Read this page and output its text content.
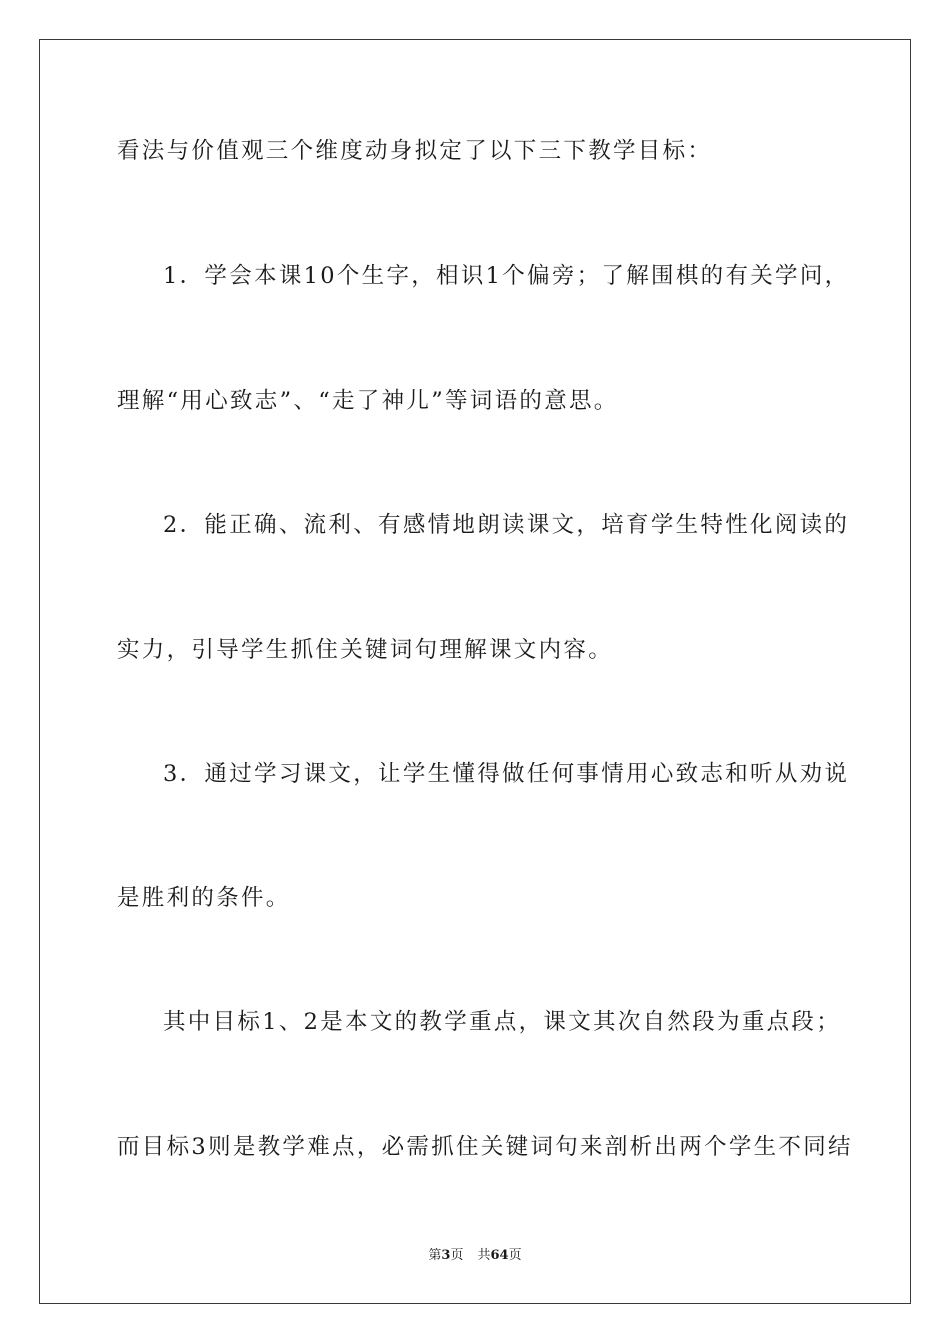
看法与价值观三个维度动身拟定了以下三下教学目标：
1．学会本课10个生字，相识1个偏旁；了解围棋的有关学问，
理解“用心致志”、“走了神儿”等词语的意思。
2．能正确、流利、有感情地朗读课文，培育学生特性化阅读的
实力，引导学生抓住关键词句理解课文内容。
3．通过学习课文，让学生懂得做任何事情用心致志和听从劝说
是胜利的条件。
其中目标1、2是本文的教学重点，课文其次自然段为重点段；
而目标3则是教学难点，必需抓住关键词句来剖析出两个学生不同结
第3页 共64页
